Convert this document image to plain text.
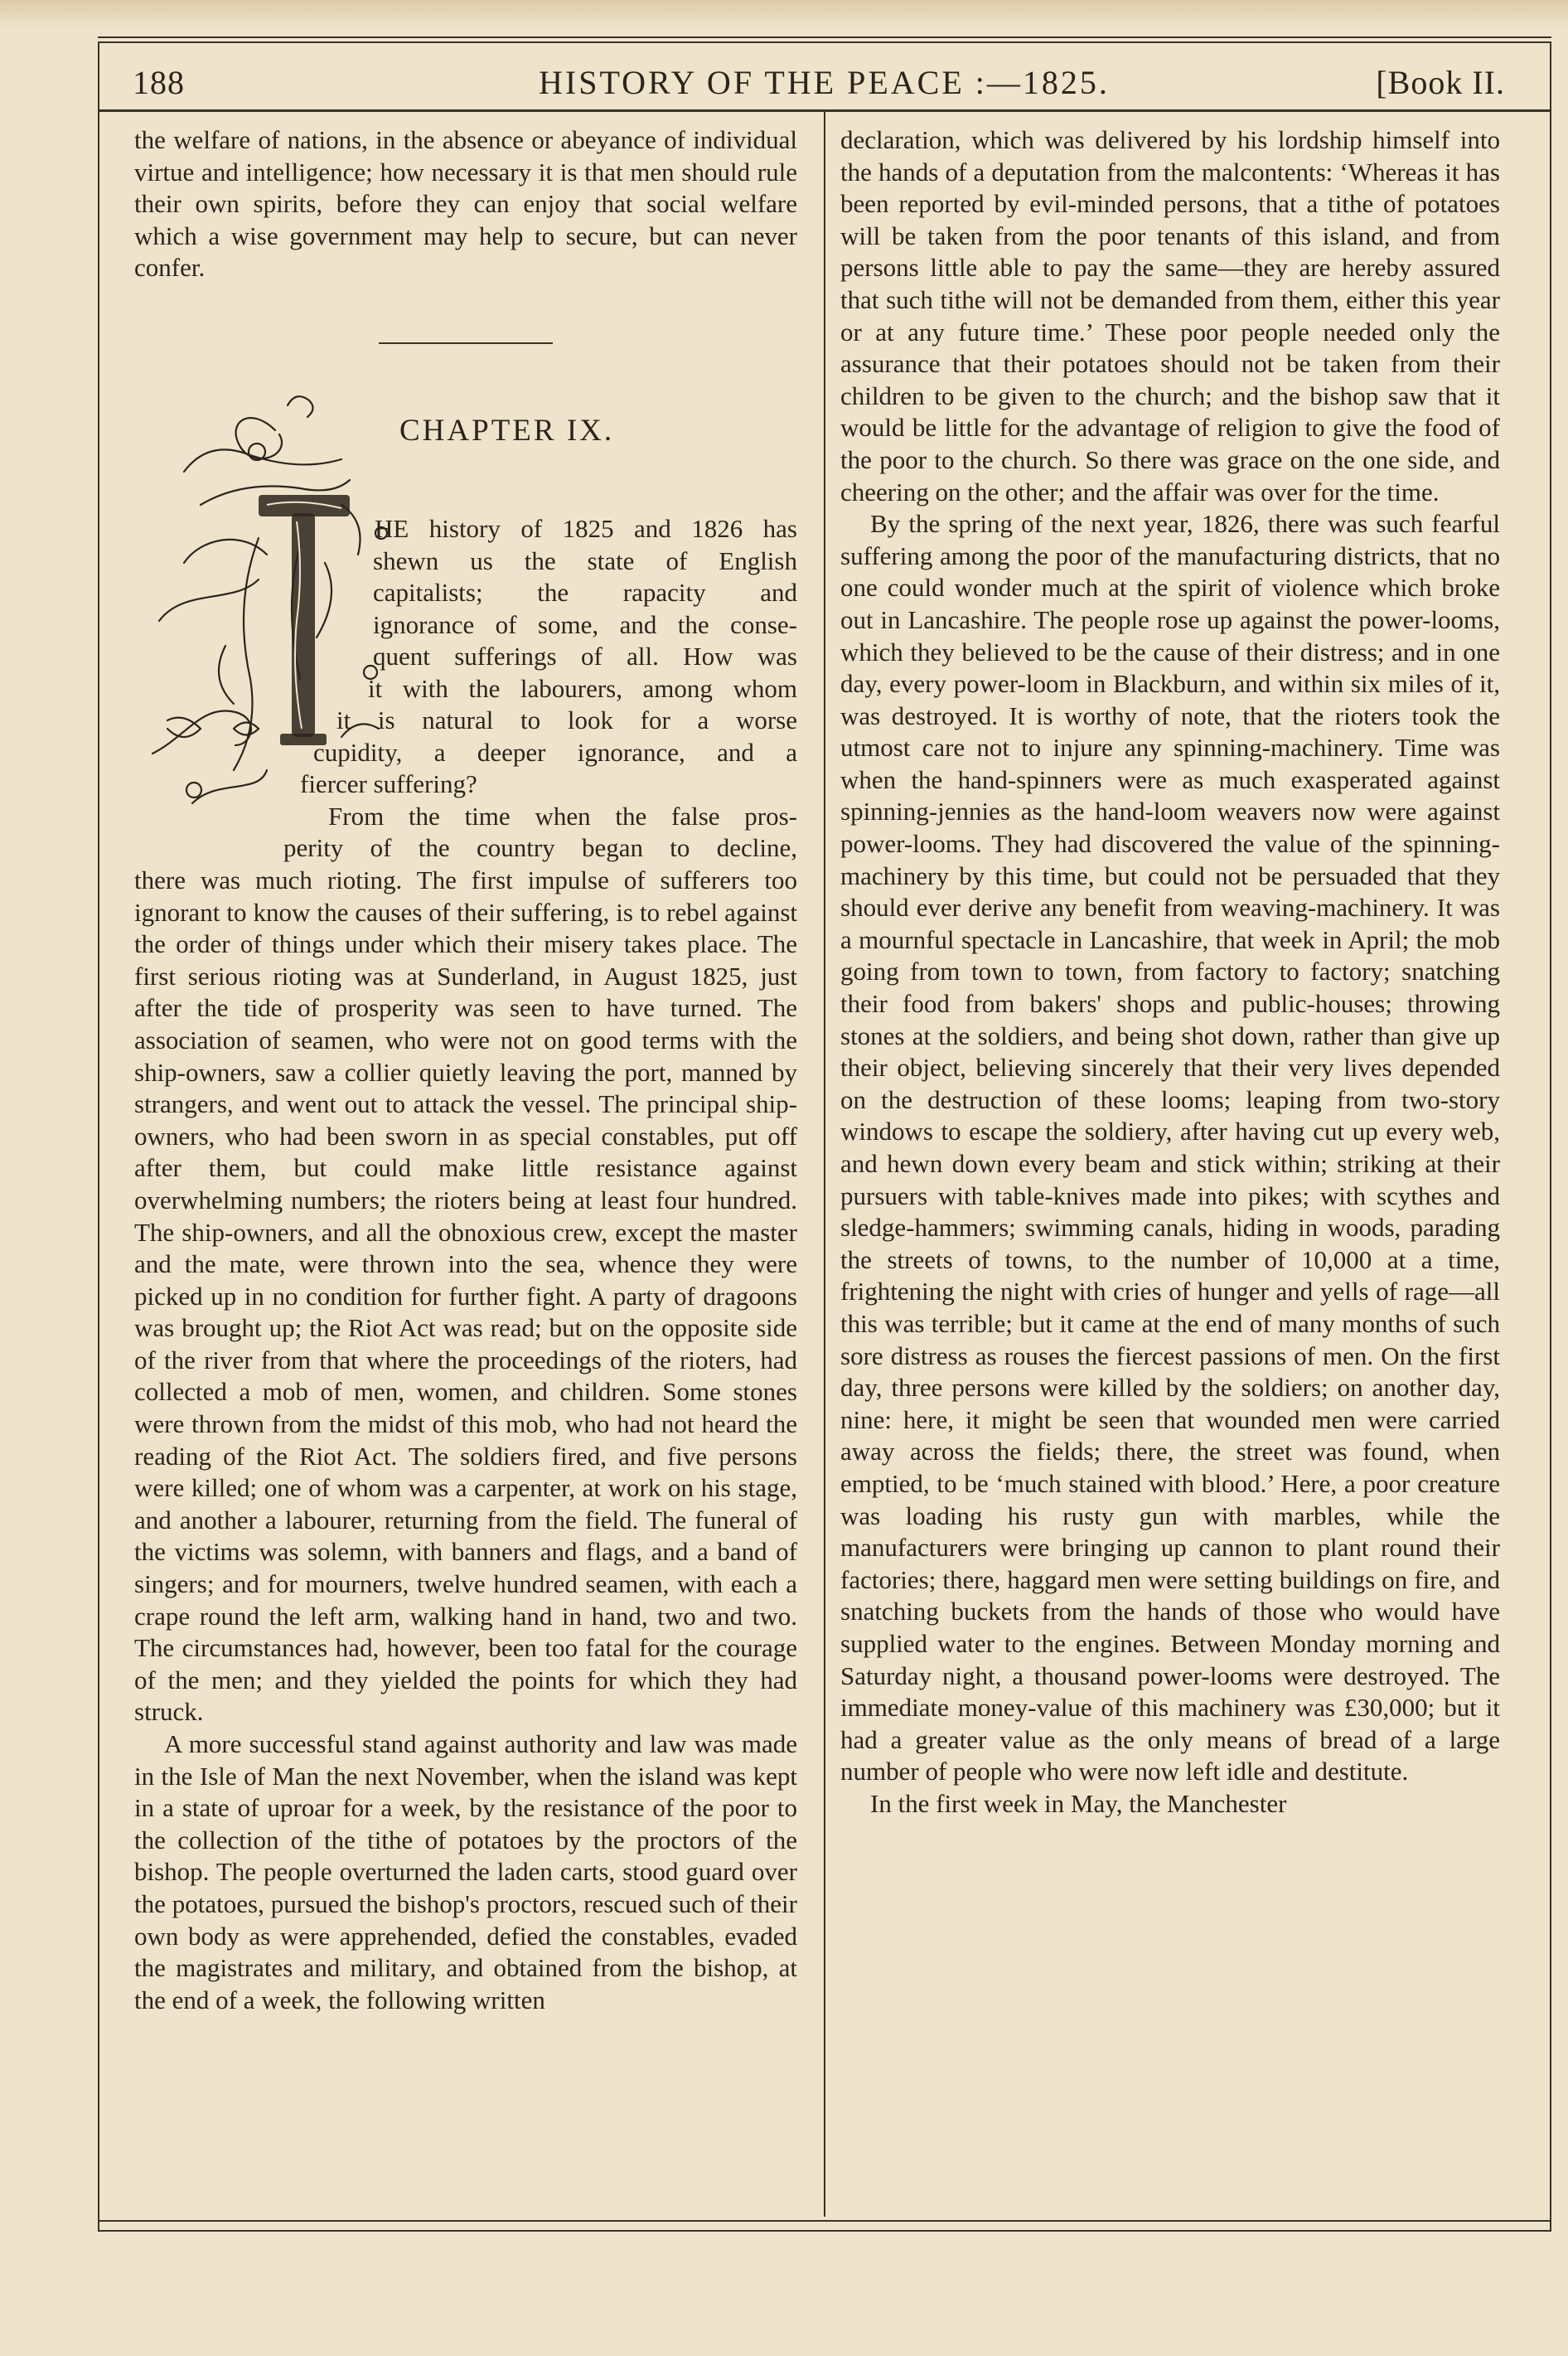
188	HISTORY OF THE PEACE :—1825.	[Book II.

the welfare of nations, in the absence or abeyance of individual virtue and intelligence; how necessary it is that men should rule their own spirits, before they can enjoy that social welfare which a wise government may help to secure, but can never confer.

CHAPTER IX.
HE history of 1825 and 1826 has
shewn us the state of English
capitalists; the rapacity and
ignorance of some, and the conse-
quent sufferings of all. How was
it with the labourers, among whom
it is natural to look for a worse
cupidity, a deeper ignorance, and a
fiercer suffering?
From the time when the false pros-
perity of the country began to decline,

there was much rioting. The first impulse of sufferers too ignorant to know the causes of their suffering, is to rebel against the order of things under which their misery takes place. The first serious rioting was at Sunderland, in August 1825, just after the tide of prosperity was seen to have turned. The association of seamen, who were not on good terms with the ship-owners, saw a collier quietly leaving the port, manned by strangers, and went out to attack the vessel. The principal ship-owners, who had been sworn in as special constables, put off after them, but could make little resistance against overwhelming numbers; the rioters being at least four hundred. The ship-owners, and all the obnoxious crew, except the master and the mate, were thrown into the sea, whence they were picked up in no condition for further fight. A party of dragoons was brought up; the Riot Act was read; but on the opposite side of the river from that where the proceedings of the rioters, had collected a mob of men, women, and children. Some stones were thrown from the midst of this mob, who had not heard the reading of the Riot Act. The soldiers fired, and five persons were killed; one of whom was a carpenter, at work on his stage, and another a labourer, returning from the field. The funeral of the victims was solemn, with banners and flags, and a band of singers; and for mourners, twelve hundred seamen, with each a crape round the left arm, walking hand in hand, two and two. The circumstances had, however, been too fatal for the courage of the men; and they yielded the points for which they had struck.

A more successful stand against authority and law was made in the Isle of Man the next November, when the island was kept in a state of uproar for a week, by the resistance of the poor to the collection of the tithe of potatoes by the proctors of the bishop. The people overturned the laden carts, stood guard over the potatoes, pursued the bishop's proctors, rescued such of their own body as were apprehended, defied the constables, evaded the magistrates and military, and obtained from the bishop, at the end of a week, the following written

declaration, which was delivered by his lordship himself into the hands of a deputation from the malcontents: ‘Whereas it has been reported by evil-minded persons, that a tithe of potatoes will be taken from the poor tenants of this island, and from persons little able to pay the same—they are hereby assured that such tithe will not be demanded from them, either this year or at any future time.’ These poor people needed only the assurance that their potatoes should not be taken from their children to be given to the church; and the bishop saw that it would be little for the advantage of religion to give the food of the poor to the church. So there was grace on the one side, and cheering on the other; and the affair was over for the time.

By the spring of the next year, 1826, there was such fearful suffering among the poor of the manufacturing districts, that no one could wonder much at the spirit of violence which broke out in Lancashire. The people rose up against the power-looms, which they believed to be the cause of their distress; and in one day, every power-loom in Blackburn, and within six miles of it, was destroyed. It is worthy of note, that the rioters took the utmost care not to injure any spinning-machinery. Time was when the hand-spinners were as much exasperated against spinning-jennies as the hand-loom weavers now were against power-looms. They had discovered the value of the spinning-machinery by this time, but could not be persuaded that they should ever derive any benefit from weaving-machinery. It was a mournful spectacle in Lancashire, that week in April; the mob going from town to town, from factory to factory; snatching their food from bakers' shops and public-houses; throwing stones at the soldiers, and being shot down, rather than give up their object, believing sincerely that their very lives depended on the destruction of these looms; leaping from two-story windows to escape the soldiery, after having cut up every web, and hewn down every beam and stick within; striking at their pursuers with table-knives made into pikes; with scythes and sledge-hammers; swimming canals, hiding in woods, parading the streets of towns, to the number of 10,000 at a time, frightening the night with cries of hunger and yells of rage—all this was terrible; but it came at the end of many months of such sore distress as rouses the fiercest passions of men. On the first day, three persons were killed by the soldiers; on another day, nine: here, it might be seen that wounded men were carried away across the fields; there, the street was found, when emptied, to be ‘much stained with blood.’ Here, a poor creature was loading his rusty gun with marbles, while the manufacturers were bringing up cannon to plant round their factories; there, haggard men were setting buildings on fire, and snatching buckets from the hands of those who would have supplied water to the engines. Between Monday morning and Saturday night, a thousand power-looms were destroyed. The immediate money-value of this machinery was £30,000; but it had a greater value as the only means of bread of a large number of people who were now left idle and destitute.

In the first week in May, the Manchester
